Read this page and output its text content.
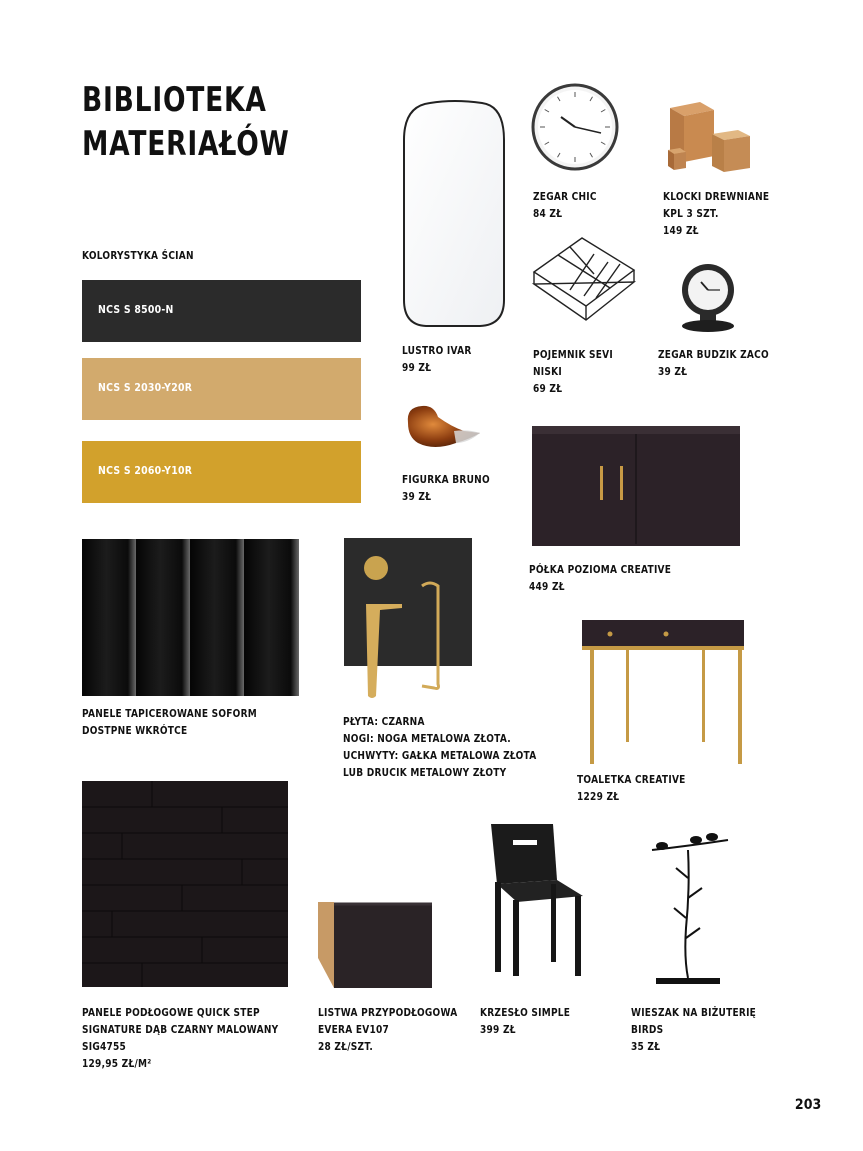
BIBLIOTEKA
MATERIAŁÓW
KOLORYSTYKA ŚCIAN
NCS S 8500-N
NCS S 2030-Y20R
NCS S 2060-Y10R
LUSTRO IVAR
99 ZŁ
ZEGAR CHIC
84 ZŁ
KLOCKI DREWNIANE
KPL 3 SZT.
149 ZŁ
POJEMNIK SEVI
NISKI
69 ZŁ
ZEGAR BUDZIK ZACO
39 ZŁ
FIGURKA BRUNO
39 ZŁ
PÓŁKA POZIOMA CREATIVE
449 ZŁ
PANELE TAPICEROWANE SOFORM
DOSTPNE WKRÓTCE
PŁYTA: CZARNA
NOGI: NOGA METALOWA ZŁOTA.
UCHWYTY: GAŁKA METALOWA ZŁOTA
LUB DRUCIK METALOWY ZŁOTY
TOALETKA CREATIVE
1229 ZŁ
PANELE PODŁOGOWE QUICK STEP
SIGNATURE DĄB CZARNY MALOWANY
SIG4755
129,95 ZŁ/M²
LISTWA PRZYPODŁOGOWA
EVERA EV107
28 ZŁ/SZT.
KRZESŁO SIMPLE
399 ZŁ
WIESZAK NA BIŻUTERIĘ
BIRDS
35 ZŁ
203
